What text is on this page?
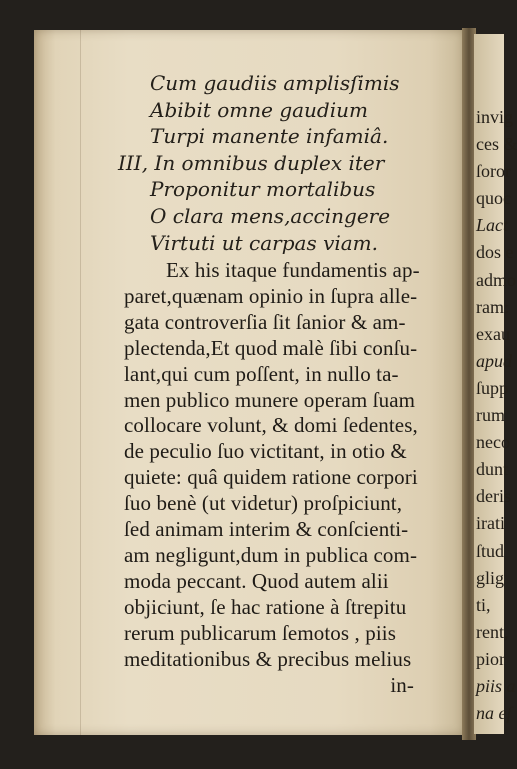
Cum gaudiis amplisſimis
Abibit omne gaudium
Turpi manente infamiâ.
III, In omnibus duplex iter
Proponitur mortalibus
O clara mens,accingere
Virtuti ut carpas viam.
Ex his itaque fundamentis ap-
paret,quænam opinio in ſupra alle-
gata controverſia ſit ſanior & am-
plectenda,Et quod malè ſibi conſu-
lant,qui cum poſſent, in nullo ta-
men publico munere operam ſuam
collocare volunt, & domi ſedentes,
de peculio ſuo victitant, in otio &
quiete: quâ quidem ratione corpori
ſuo benè (ut videtur) proſpiciunt,
ſed animam interim & conſcienti-
am negligunt,dum in publica com-
moda peccant. Quod autem alii
objiciunt, ſe hac ratione à ſtrepitu
rerum publicarum ſemotos , piis
meditationibus & precibus melius
in-
invig
ces &
ſoror
quoc
Lact
dos e
admo
ram:
exau
apud
ſupp
rum
neco
dunt
deris
irati
ſtud
glig
ti,
rent,
pior
piis a
na eſ
